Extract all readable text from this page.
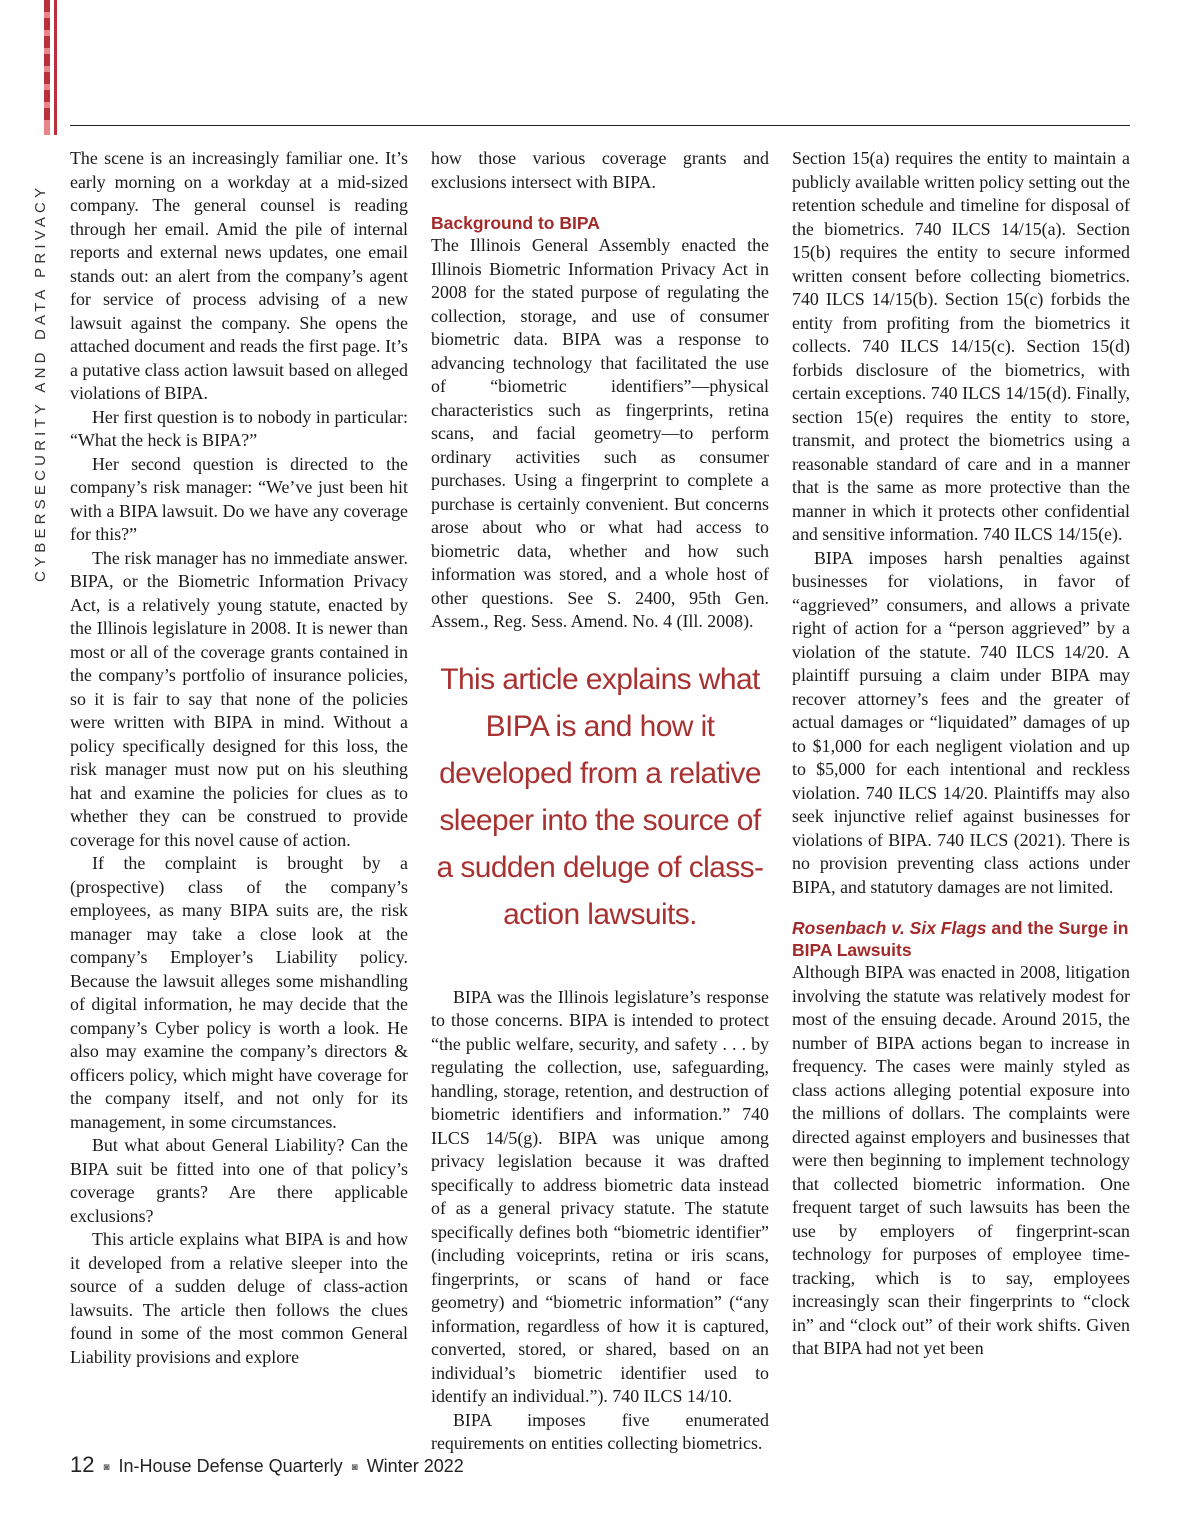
CYBERSECURITY AND DATA PRIVACY

The scene is an increasingly familiar one. It’s early morning on a workday at a mid-sized company. The general counsel is reading through her email. Amid the pile of internal reports and external news updates, one email stands out: an alert from the company’s agent for service of process advising of a new lawsuit against the company. She opens the attached document and reads the first page. It’s a putative class action lawsuit based on alleged violations of BIPA.

Her first question is to nobody in particular: “What the heck is BIPA?”

Her second question is directed to the company’s risk manager: “We’ve just been hit with a BIPA lawsuit. Do we have any coverage for this?”

The risk manager has no immediate answer. BIPA, or the Biometric Information Privacy Act, is a relatively young statute, enacted by the Illinois legislature in 2008. It is newer than most or all of the coverage grants contained in the company’s portfolio of insurance policies, so it is fair to say that none of the policies were written with BIPA in mind. Without a policy specifically designed for this loss, the risk manager must now put on his sleuthing hat and examine the policies for clues as to whether they can be construed to provide coverage for this novel cause of action.

If the complaint is brought by a (prospective) class of the company’s employees, as many BIPA suits are, the risk manager may take a close look at the company’s Employer’s Liability policy. Because the lawsuit alleges some mishandling of digital information, he may decide that the company’s Cyber policy is worth a look. He also may examine the company’s directors & officers policy, which might have coverage for the company itself, and not only for its management, in some circumstances.

But what about General Liability? Can the BIPA suit be fitted into one of that policy’s coverage grants? Are there applicable exclusions?

This article explains what BIPA is and how it developed from a relative sleeper into the source of a sudden deluge of class-action lawsuits. The article then follows the clues found in some of the most common General Liability provisions and explore

how those various coverage grants and exclusions intersect with BIPA.

Background to BIPA

The Illinois General Assembly enacted the Illinois Biometric Information Privacy Act in 2008 for the stated purpose of regulating the collection, storage, and use of consumer biometric data. BIPA was a response to advancing technology that facilitated the use of “biometric identifiers”—physical characteristics such as fingerprints, retina scans, and facial geometry—to perform ordinary activities such as consumer purchases. Using a fingerprint to complete a purchase is certainly convenient. But concerns arose about who or what had access to biometric data, whether and how such information was stored, and a whole host of other questions. See S. 2400, 95th Gen. Assem., Reg. Sess. Amend. No. 4 (Ill. 2008).

This article explains what BIPA is and how it developed from a relative sleeper into the source of a sudden deluge of class-action lawsuits.

BIPA was the Illinois legislature’s response to those concerns. BIPA is intended to protect “the public welfare, security, and safety . . . by regulating the collection, use, safeguarding, handling, storage, retention, and destruction of biometric identifiers and information.” 740 ILCS 14/5(g). BIPA was unique among privacy legislation because it was drafted specifically to address biometric data instead of as a general privacy statute. The statute specifically defines both “biometric identifier” (including voiceprints, retina or iris scans, fingerprints, or scans of hand or face geometry) and “biometric information” (“any information, regardless of how it is captured, converted, stored, or shared, based on an individual’s biometric identifier used to identify an individual.”). 740 ILCS 14/10.

BIPA imposes five enumerated requirements on entities collecting biometrics.

Section 15(a) requires the entity to maintain a publicly available written policy setting out the retention schedule and timeline for disposal of the biometrics. 740 ILCS 14/15(a). Section 15(b) requires the entity to secure informed written consent before collecting biometrics. 740 ILCS 14/15(b). Section 15(c) forbids the entity from profiting from the biometrics it collects. 740 ILCS 14/15(c). Section 15(d) forbids disclosure of the biometrics, with certain exceptions. 740 ILCS 14/15(d). Finally, section 15(e) requires the entity to store, transmit, and protect the biometrics using a reasonable standard of care and in a manner that is the same as more protective than the manner in which it protects other confidential and sensitive information. 740 ILCS 14/15(e).

BIPA imposes harsh penalties against businesses for violations, in favor of “aggrieved” consumers, and allows a private right of action for a “person aggrieved” by a violation of the statute. 740 ILCS 14/20. A plaintiff pursuing a claim under BIPA may recover attorney’s fees and the greater of actual damages or “liquidated” damages of up to $1,000 for each negligent violation and up to $5,000 for each intentional and reckless violation. 740 ILCS 14/20. Plaintiffs may also seek injunctive relief against businesses for violations of BIPA. 740 ILCS (2021). There is no provision preventing class actions under BIPA, and statutory damages are not limited.

Rosenbach v. Six Flags and the Surge in BIPA Lawsuits

Although BIPA was enacted in 2008, litigation involving the statute was relatively modest for most of the ensuing decade. Around 2015, the number of BIPA actions began to increase in frequency. The cases were mainly styled as class actions alleging potential exposure into the millions of dollars. The complaints were directed against employers and businesses that were then beginning to implement technology that collected biometric information. One frequent target of such lawsuits has been the use by employers of fingerprint-scan technology for purposes of employee time-tracking, which is to say, employees increasingly scan their fingerprints to “clock in” and “clock out” of their work shifts. Given that BIPA had not yet been

12 ◙ In-House Defense Quarterly ◙ Winter 2022
